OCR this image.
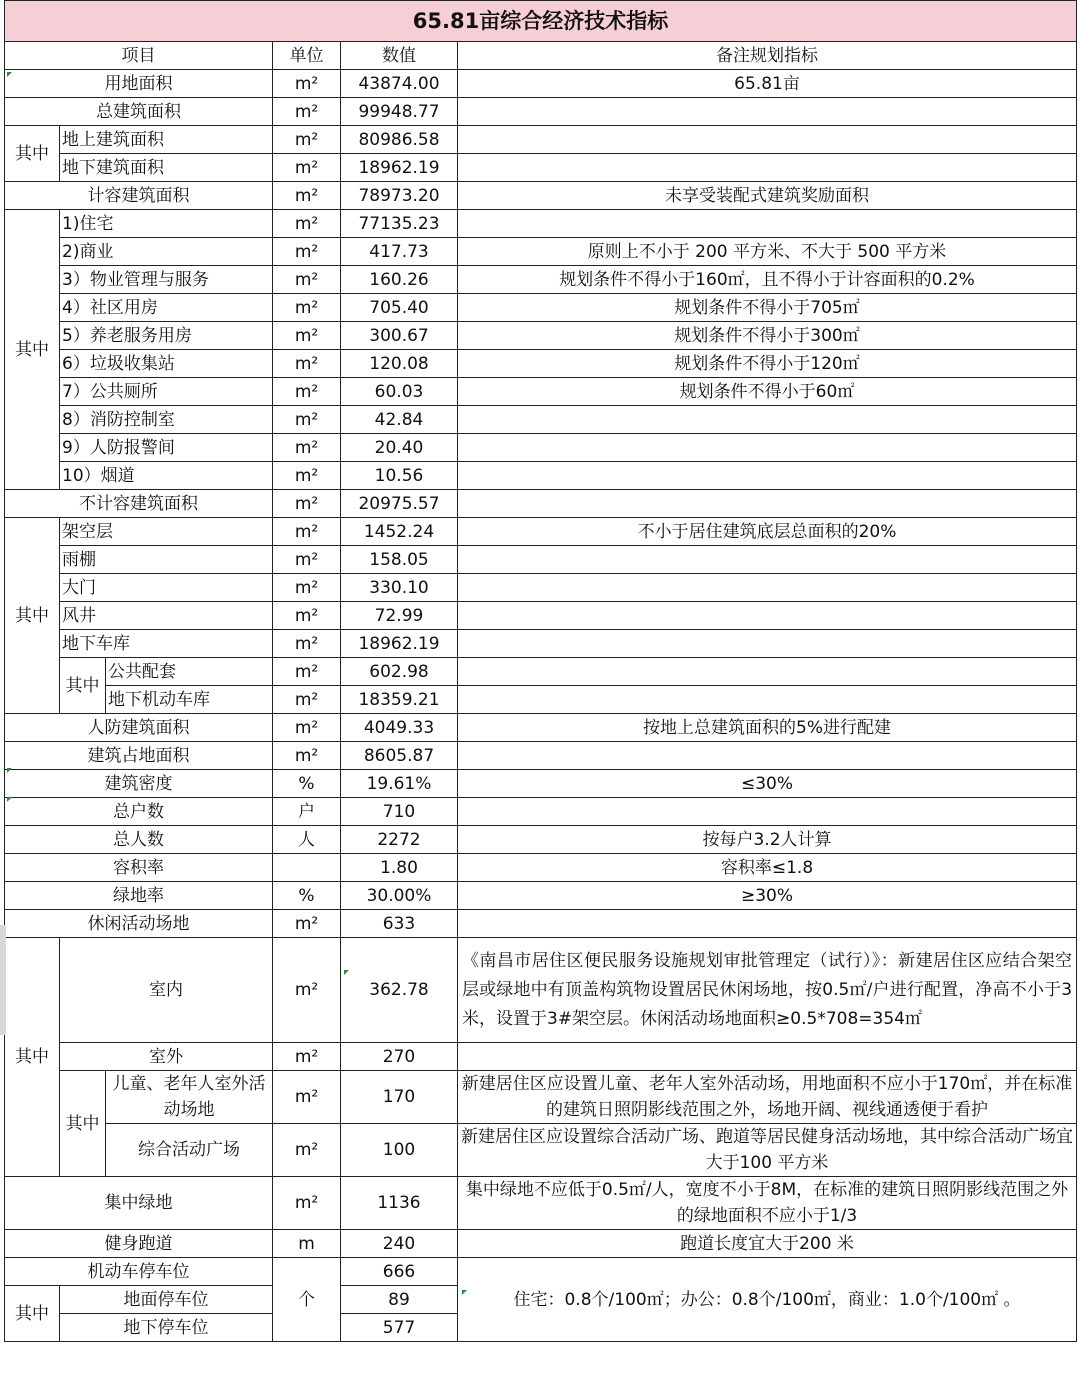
65.81亩综合经济技术指标					
项目			单位	数值	备注规划指标
用地面积			m²	43874.00	65.81亩
总建筑面积			m²	99948.77	
其中	地上建筑面积		m²	80986.58	
	地下建筑面积		m²	18962.19	
计容建筑面积			m²	78973.20	未享受装配式建筑奖励面积
其中	1)住宅		m²	77135.23	
	2)商业		m²	417.73	原则上不小于 200 平方米、不大于 500 平方米
	3）物业管理与服务		m²	160.26	规划条件不得小于160㎡，且不得小于计容面积的0.2%
	4）社区用房		m²	705.40	规划条件不得小于705㎡
	5）养老服务用房		m²	300.67	规划条件不得小于300㎡
	6）垃圾收集站		m²	120.08	规划条件不得小于120㎡
	7）公共厕所		m²	60.03	规划条件不得小于60㎡
	8）消防控制室		m²	42.84	
	9）人防报警间		m²	20.40	
	10）烟道		m²	10.56	
不计容建筑面积			m²	20975.57	
其中	架空层		m²	1452.24	不小于居住建筑底层总面积的20%
	雨棚		m²	158.05	
	大门		m²	330.10	
	风井		m²	72.99	
	地下车库		m²	18962.19	
	其中	公共配套	m²	602.98	
		地下机动车库	m²	18359.21	
人防建筑面积			m²	4049.33	按地上总建筑面积的5%进行配建
建筑占地面积			m²	8605.87	
建筑密度			%	19.61%	≤30%
总户数			户	710	
总人数			人	2272	按每户3.2人计算
容积率				1.80	容积率≤1.8
绿地率			%	30.00%	≥30%
休闲活动场地			m²	633	
其中	室内		m²	362.78	《南昌市居住区便民服务设施规划审批管理定（试行）》：新建居住区应结合架空层或绿地中有顶盖构筑物设置居民休闲场地，按0.5㎡/户进行配置，净高不小于3米，设置于3#架空层。休闲活动场地面积≥0.5*708=354㎡
	室外		m²	270	
	其中	儿童、老年人室外活动场地	m²	170	新建居住区应设置儿童、老年人室外活动场，用地面积不应小于170㎡，并在标准的建筑日照阴影线范围之外，场地开阔、视线通透便于看护
		综合活动广场	m²	100	新建居住区应设置综合活动广场、跑道等居民健身活动场地，其中综合活动广场宜大于100 平方米
集中绿地			m²	1136	集中绿地不应低于0.5㎡/人，宽度不小于8M，在标准的建筑日照阴影线范围之外的绿地面积不应小于1/3
健身跑道			m	240	跑道长度宜大于200 米
机动车停车位			个	666	住宅：0.8个/100㎡；办公：0.8个/100㎡，商业：1.0个/100㎡ 。
其中	地面停车位			89	
	地下停车位			577	
